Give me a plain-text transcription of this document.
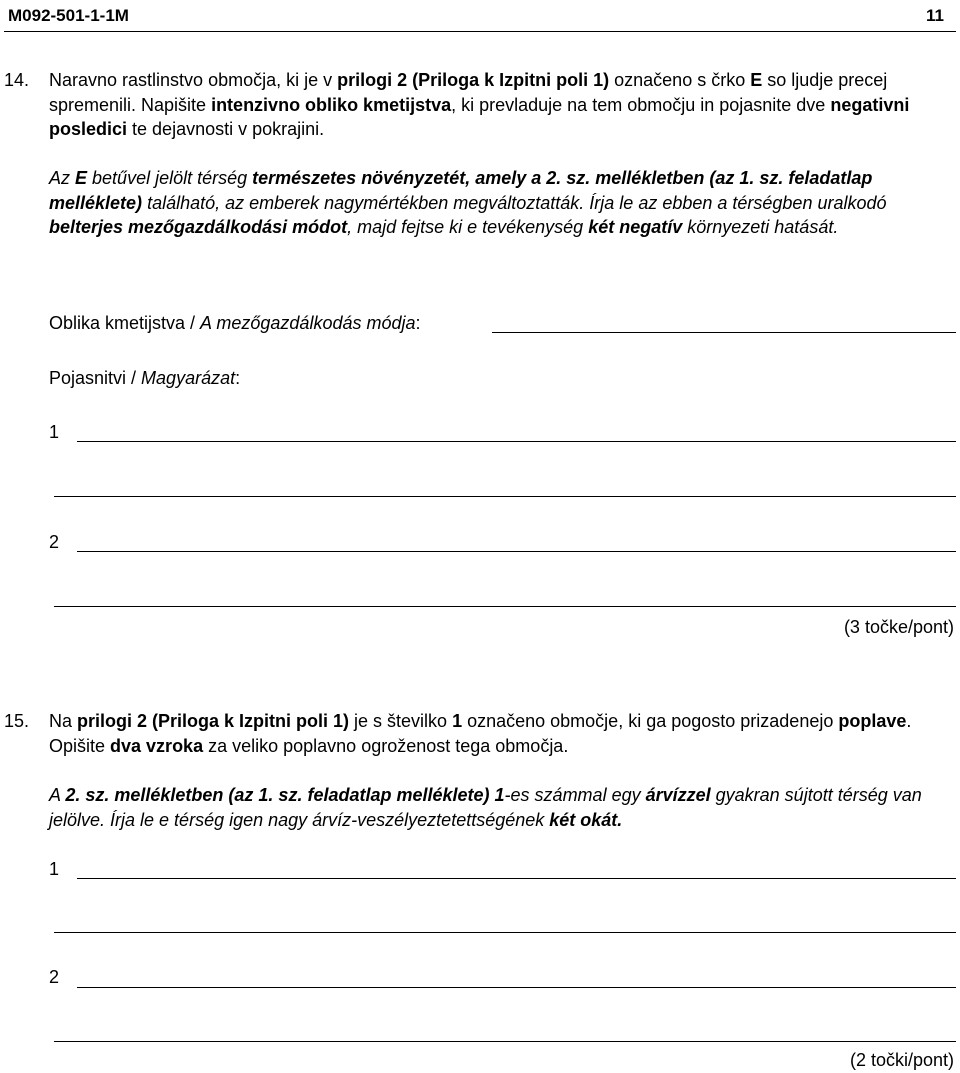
M092-501-1-1M	11
14. Naravno rastlinstvo območja, ki je v prilogi 2 (Priloga k Izpitni poli 1) označeno s črko E so ljudje precej spremenili. Napišite intenzivno obliko kmetijstva, ki prevladuje na tem območju in pojasnite dve negativni posledici te dejavnosti v pokrajini.
Az E betűvel jelölt térség természetes növényzetét, amely a 2. sz. mellékletben (az 1. sz. feladatlap melléklete) található, az emberek nagymértékben megváltoztatták. Írja le az ebben a térségben uralkodó belterjes mezőgazdálkodási módot, majd fejtse ki e tevékenység két negatív környezeti hatását.
Oblika kmetijstva / A mezőgazdálkodás módja:
Pojasnitvi / Magyarázat:
1
2
(3 točke/pont)
15. Na prilogi 2 (Priloga k Izpitni poli 1) je s številko 1 označeno območje, ki ga pogosto prizadenejo poplave. Opišite dva vzroka za veliko poplavno ogroženost tega območja.
A 2. sz. mellékletben (az 1. sz. feladatlap melléklete) 1-es számmal egy árvízzel gyakran sújtott térség van jelölve. Írja le e térség igen nagy árvíz-veszélyeztetettségének két okát.
1
2
(2 točki/pont)
